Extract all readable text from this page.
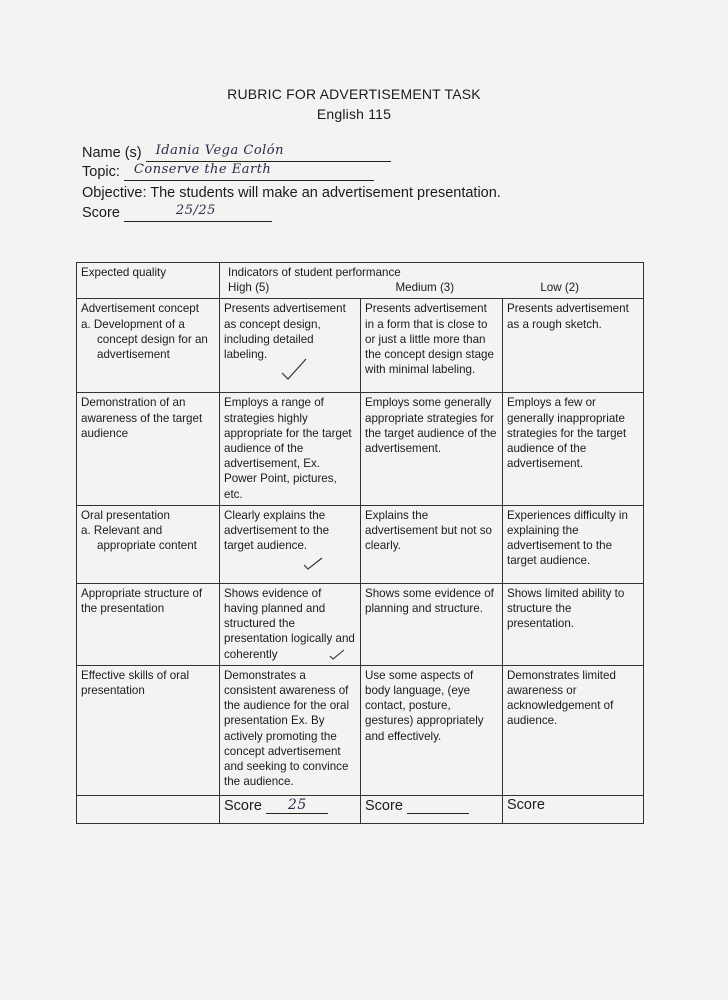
RUBRIC FOR ADVERTISEMENT TASK
English 115
Name (s) Idania Vega Colón
Topic: Conserve the Earth
Objective: The students will make an advertisement presentation.
Score	25/25
Expected quality	Indicators of student performance
High (5) Medium (3) Low (2)		

Advertisement concept
a. Development of a concept design for an advertisement	Presents advertisement as concept design, including detailed labeling.	Presents advertisement in a form that is close to or just a little more than the concept design stage with minimal labeling.	Presents advertisement as a rough sketch.
Demonstration of an awareness of the target audience	Employs a range of strategies highly appropriate for the target audience of the advertisement, Ex. Power Point, pictures, etc.	Employs some generally appropriate strategies for the target audience of the advertisement.	Employs a few or generally inappropriate strategies for the target audience of the advertisement.

Oral presentation
a. Relevant and appropriate content	Clearly explains the advertisement to the target audience.	Explains the advertisement but not so clearly.	Experiences difficulty in explaining the advertisement to the target audience.
Appropriate structure of the presentation	Shows evidence of having planned and structured the presentation logically and coherently	Shows some evidence of planning and structure.	Shows limited ability to structure the presentation.
Effective skills of oral presentation	Demonstrates a consistent awareness of the audience for the oral presentation Ex. By actively promoting the concept advertisement and seeking to convince the audience.	Use some aspects of body language, (eye contact, posture, gestures) appropriately and effectively.	Demonstrates limited awareness or acknowledgement of audience.
	Score 25	Score	Score
